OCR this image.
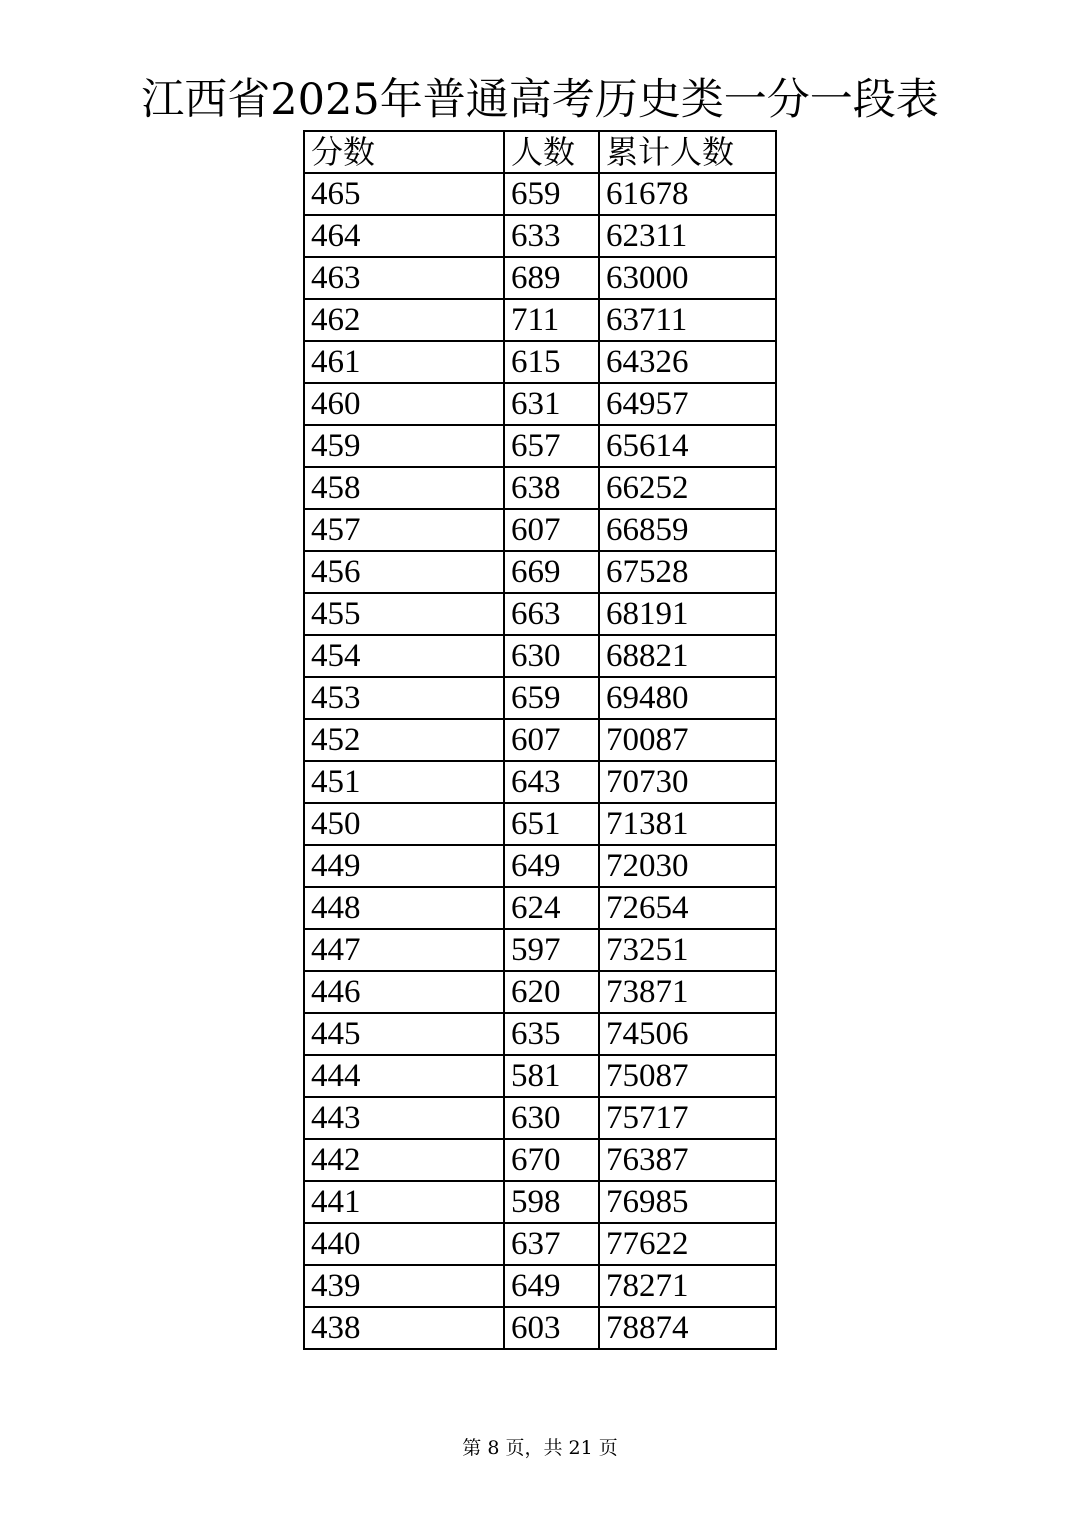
江西省2025年普通高考历史类一分一段表
分数	人数	累计人数
465	659	61678
464	633	62311
463	689	63000
462	711	63711
461	615	64326
460	631	64957
459	657	65614
458	638	66252
457	607	66859
456	669	67528
455	663	68191
454	630	68821
453	659	69480
452	607	70087
451	643	70730
450	651	71381
449	649	72030
448	624	72654
447	597	73251
446	620	73871
445	635	74506
444	581	75087
443	630	75717
442	670	76387
441	598	76985
440	637	77622
439	649	78271
438	603	78874
第 8 页，共 21 页
